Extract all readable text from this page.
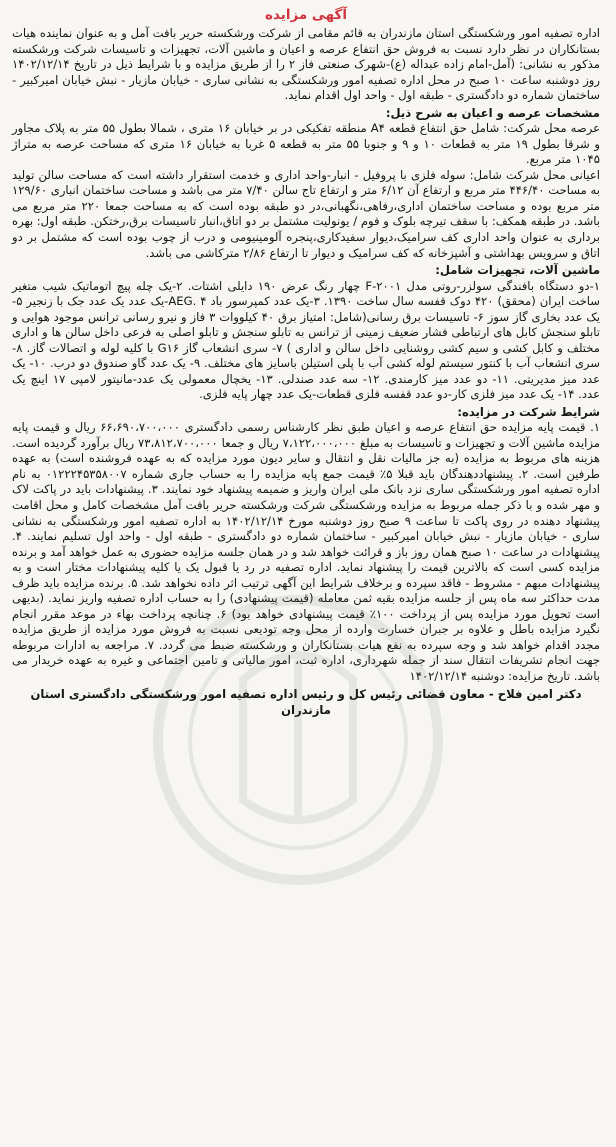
آگهی مزایده

اداره تصفیه امور ورشکستگی استان مازندران به قائم مقامی از شرکت ورشکسته حریر بافت آمل و به عنوان نماینده هیات بستانکاران در نظر دارد نسبت به فروش حق انتفاع عرصه و اعیان و ماشین آلات، تجهیزات و تاسیسات شرکت ورشکسته مذکور به نشانی: (آمل-امام زاده عبداله (ع)-شهرک صنعتی فاز ۲ را از طریق مزایده و با شرایط ذیل در تاریخ ۱۴۰۲/۱۲/۱۴ روز دوشنبه ساعت ۱۰ صبح در محل اداره تصفیه امور ورشکستگی به نشانی ساری - خیابان مازیار - نبش خیابان امیرکبیر - ساختمان شماره دو دادگستری - طبقه اول - واحد اول اقدام نماید.

مشخصات عرصه و اعیان به شرح ذیل:

عرصه محل شرکت: شامل حق انتفاع قطعه A۴ منطقه تفکیکی در بر خیابان ۱۶ متری ، شمالا بطول ۵۵ متر به پلاک مجاور و شرقا بطول ۱۹ متر به قطعات ۱۰ و ۹ و جنوبا ۵۵ متر به قطعه ۵ غربا به خیابان ۱۶ متری که مساحت عرصه به متراژ ۱۰۴۵ متر مربع.

اعیانی محل شرکت شامل: سوله فلزی با پروفیل - انبار-واحد اداری و خدمت استقرار داشته است که مساحت سالن تولید به مساحت ۴۴۶/۴۰ متر مربع و ارتفاع آن ۶/۱۲ متر و ارتفاع تاج سالن ۷/۴۰ متر می باشد و مساحت ساختمان انباری ۱۲۹/۶۰ متر مربع بوده و مساحت ساختمان اداری،رفاهی،نگهبانی،در دو طبقه بوده است که به مساحت جمعا ۲۲۰ متر مربع می باشد. در طبقه همکف: با سقف تیرچه بلوک و فوم / یونولیت مشتمل بر دو اتاق،انبار تاسیسات برق،رختکن. طبقه اول: بهره برداری به عنوان واحد اداری کف سرامیک،دیوار سفیدکاری،پنجره آلومینیومی و درب از چوب بوده است که مشتمل بر دو اتاق و سرویس بهداشتی و آشپزخانه که کف سرامیک و دیوار تا ارتفاع ۲/۸۶ مترکاشی می باشد.

ماشین آلات، تجهیزات شامل:

۱-دو دستگاه بافندگی سولزر-روتی مدل F-۲۰۰۱ چهار رنگ عرض ۱۹۰ دایلی اشتات. ۲-یک چله پیچ اتوماتیک شیب متغیر ساخت ایران (محقق) ۴۲۰ دوک قفسه سال ساخت ۱۳۹۰. ۳-یک عدد کمپرسور باد AEG. ۴-یک عدد یک عدد جک با زنجیر ۵- یک عدد بخاری گاز سوز ۶- تاسیسات برق رسانی(شامل: امتیاز برق ۴۰ کیلووات ۳ فاز و نیرو رسانی ترانس موجود هوایی و تابلو سنجش کابل های ارتباطی فشار ضعیف زمینی از ترانس به تابلو سنجش و تابلو اصلی به فرعی داخل سالن ها و اداری مختلف و کابل کشی و سیم کشی روشنایی داخل سالن و اداری ) ۷- سری انشعاب گاز G۱۶ با کلیه لوله و اتصالات گاز. ۸- سری انشعاب آب با کنتور سیستم لوله کشی آب با پلی استیلن باسایز های مختلف. ۹- یک عدد گاو صندوق دو درب. ۱۰- یک عدد میز مدیریتی. ۱۱- دو عدد میز کارمندی. ۱۲- سه عدد صندلی. ۱۳- یخچال معمولی یک عدد-مانیتور لامپی ۱۷ اینچ یک عدد. ۱۴- یک عدد میز فلزی کار-دو عدد قفسه فلزی قطعات-یک عدد چهار پایه فلزی.

شرایط شرکت در مزایده:

۱. قیمت پایه مزایده حق انتفاع عرصه و اعیان طبق نظر کارشناس رسمی دادگستری ۶۶،۶۹۰،۷۰۰،۰۰۰ ریال و قیمت پایه مزایده ماشین آلات و تجهیزات و تاسیسات به مبلغ ۷،۱۲۲،۰۰۰،۰۰۰ ریال و جمعا ۷۳،۸۱۲،۷۰۰،۰۰۰ ریال برآورد گردیده است. هزینه های مربوط به مزایده (به جز مالیات نقل و انتقال و سایر دیون مورد مزایده که به عهده فروشنده است) به عهده طرفین است. ۲. پیشنهاددهندگان باید قبلا ۵٪ قیمت جمع پایه مزایده را به حساب جاری شماره ۰۱۲۲۲۴۵۳۵۸۰۰۷ به نام اداره تصفیه امور ورشکستگی ساری نزد بانک ملی ایران واریز و ضمیمه پیشنهاد خود نمایند. ۳. پیشنهادات باید در پاکت لاک و مهر شده و با ذکر جمله مربوط به مزایده ورشکستگی شرکت ورشکسته حریر بافت آمل مشخصات کامل و محل اقامت پیشنهاد دهنده در روی پاکت تا ساعت ۹ صبح روز دوشنبه مورخ ۱۴۰۲/۱۲/۱۴ به اداره تصفیه امور ورشکستگی به نشانی ساری - خیابان مازیار - نبش خیابان امیرکبیر - ساختمان شماره دو دادگستری - طبقه اول - واحد اول تسلیم نمایند. ۴. پیشنهادات در ساعت ۱۰ صبح همان روز باز و قرائت خواهد شد و در همان جلسه مزایده حضوری به عمل خواهد آمد و برنده مزایده کسی است که بالاترین قیمت را پیشنهاد نماید. اداره تصفیه در رد یا قبول یک یا کلیه پیشنهادات مختار است و به پیشنهادات مبهم - مشروط - فاقد سپرده و برخلاف شرایط این آگهی ترتیب اثر داده نخواهد شد. ۵. برنده مزایده باید ظرف مدت حداکثر سه ماه پس از جلسه مزایده بقیه ثمن معامله (قیمت پیشنهادی) را به حساب اداره تصفیه واریز نماید. (بدیهی است تحویل مورد مزایده پس از پرداخت ۱۰۰٪ قیمت پیشنهادی خواهد بود) ۶. چنانچه پرداخت بهاء در موعد مقرر انجام نگیرد مزایده باطل و علاوه بر جبران خسارت وارده از محل وجه تودیعی نسبت به فروش مورد مزایده از طریق مزایده مجدد اقدام خواهد شد و وجه سپرده به نفع هیات بستانکاران و ورشکسته ضبط می گردد. ۷. مراجعه به ادارات مربوطه جهت انجام تشریفات انتقال سند از جمله شهرداری، اداره ثبت، امور مالیاتی و تامین اجتماعی و غیره به عهده خریدار می باشد. تاریخ مزایده: دوشنبه ۱۴۰۲/۱۲/۱۴

دکتر امین فلاح - معاون قضائی رئیس کل و رئیس اداره تصفیه امور ورشکستگی دادگستری استان مازندران
